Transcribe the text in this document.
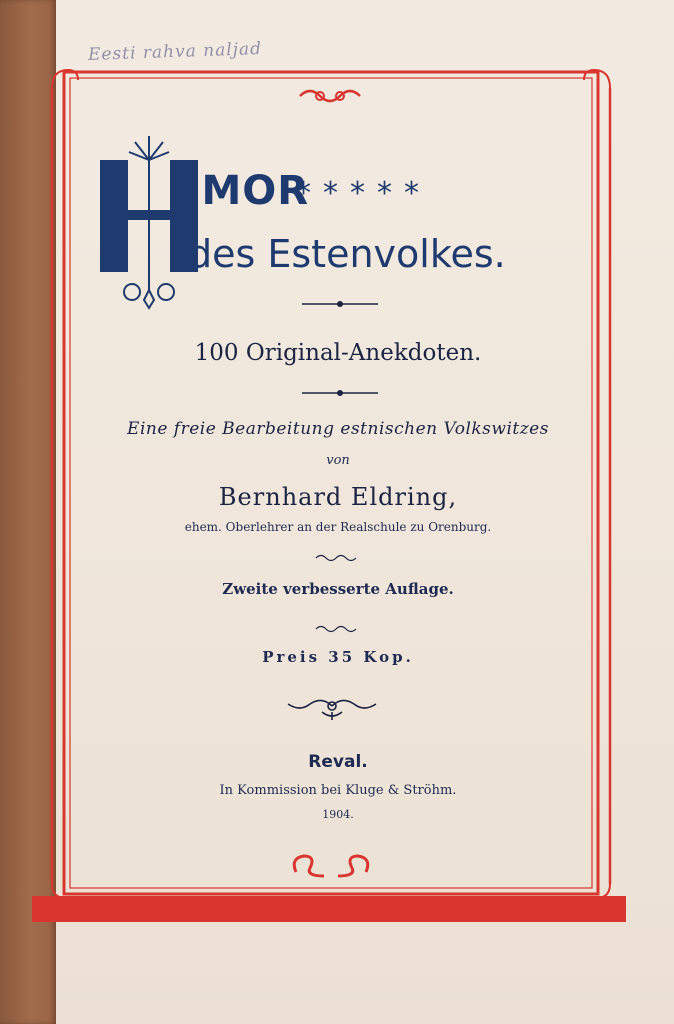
Eesti rahva naljad
UMOR
*****
des Estenvolkes.
100 Original-Anekdoten.
Eine freie Bearbeitung estnischen Volkswitzes
von
Bernhard Eldring,
ehem. Oberlehrer an der Realschule zu Orenburg.
Zweite verbesserte Auflage.
Preis 35 Kop.
Reval.
In Kommission bei Kluge & Ströhm.
1904.
